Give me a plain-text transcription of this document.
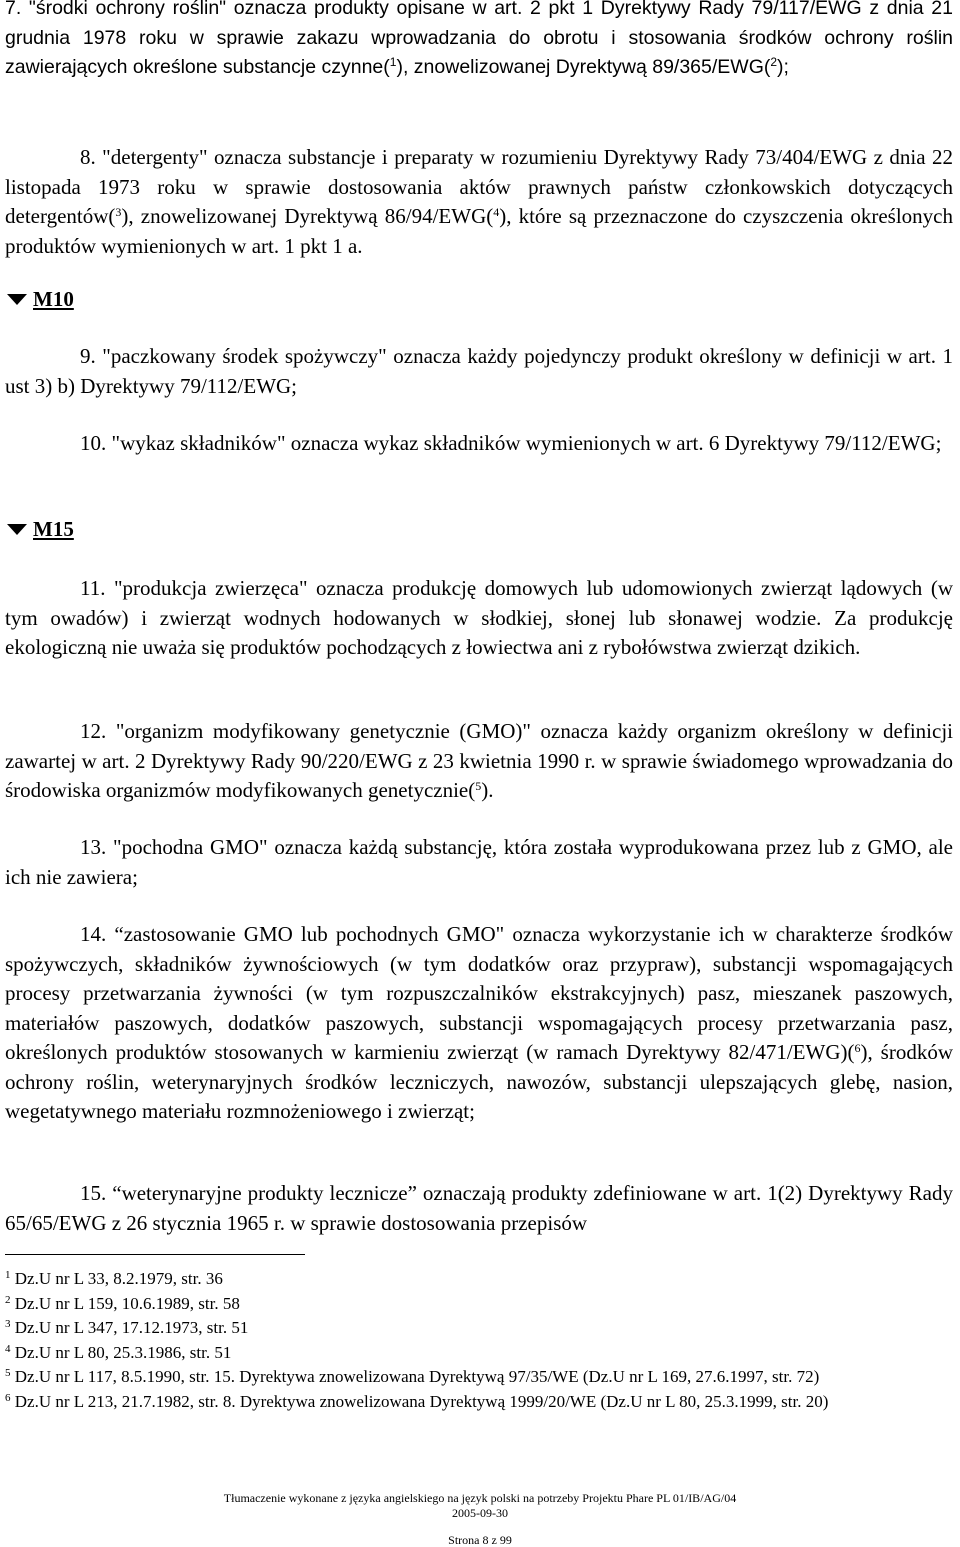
7. "środki ochrony roślin" oznacza produkty opisane w art. 2 pkt 1 Dyrektywy Rady 79/117/EWG z dnia 21 grudnia 1978 roku w sprawie zakazu wprowadzania do obrotu i stosowania środków ochrony roślin zawierających określone substancje czynne($^1$), znowelizowanej Dyrektywą 89/365/EWG($^2$);

8. "detergenty" oznacza substancje i preparaty w rozumieniu Dyrektywy Rady 73/404/EWG z dnia 22 listopada 1973 roku w sprawie dostosowania aktów prawnych państw członkowskich dotyczących detergentów($^3$), znowelizowanej Dyrektywą 86/94/EWG($^4$), które są przeznaczone do czyszczenia określonych produktów wymienionych w art. 1 pkt 1 a.

M10

9. "paczkowany środek spożywczy" oznacza każdy pojedynczy produkt określony w definicji w art. 1 ust 3) b) Dyrektywy 79/112/EWG;

10. "wykaz składników" oznacza wykaz składników wymienionych w art. 6 Dyrektywy 79/112/EWG;

M15

11. "produkcja zwierzęca" oznacza produkcję domowych lub udomowionych zwierząt lądowych (w tym owadów) i zwierząt wodnych hodowanych w słodkiej, słonej lub słonawej wodzie. Za produkcję ekologiczną nie uważa się produktów pochodzących z łowiectwa ani z rybołówstwa zwierząt dzikich.

12. "organizm modyfikowany genetycznie (GMO)" oznacza każdy organizm określony w definicji zawartej w art. 2 Dyrektywy Rady 90/220/EWG z 23 kwietnia 1990 r. w sprawie świadomego wprowadzania do środowiska organizmów modyfikowanych genetycznie($^5$).

13. "pochodna GMO" oznacza każdą substancję, która została wyprodukowana przez lub z GMO, ale ich nie zawiera;

14. “zastosowanie GMO lub pochodnych GMO" oznacza wykorzystanie ich w charakterze środków spożywczych, składników żywnościowych (w tym dodatków oraz przypraw), substancji wspomagających procesy przetwarzania żywności (w tym rozpuszczalników ekstrakcyjnych) pasz, mieszanek paszowych, materiałów paszowych, dodatków paszowych, substancji wspomagających procesy przetwarzania pasz, określonych produktów stosowanych w karmieniu zwierząt (w ramach Dyrektywy 82/471/EWG)($^6$), środków ochrony roślin, weterynaryjnych środków leczniczych, nawozów, substancji ulepszających glebę, nasion, wegetatywnego materiału rozmnożeniowego i zwierząt;

15. “weterynaryjne produkty lecznicze” oznaczają produkty zdefiniowane w art. 1(2) Dyrektywy Rady 65/65/EWG z 26 stycznia 1965 r. w sprawie dostosowania przepisów

$^1$ Dz.U nr L 33, 8.2.1979, str. 36

$^2$ Dz.U nr L 159, 10.6.1989, str. 58

$^3$ Dz.U nr L 347, 17.12.1973, str. 51

$^4$ Dz.U nr L 80, 25.3.1986, str. 51

$^5$ Dz.U nr L 117, 8.5.1990, str. 15. Dyrektywa znowelizowana Dyrektywą 97/35/WE (Dz.U nr L 169, 27.6.1997, str. 72)

$^6$ Dz.U nr L 213, 21.7.1982, str. 8. Dyrektywa znowelizowana Dyrektywą 1999/20/WE (Dz.U nr L 80, 25.3.1999, str. 20)

Tłumaczenie wykonane z języka angielskiego na język polski na potrzeby Projektu Phare PL 01/IB/AG/04
2005-09-30
Strona 8 z 99
